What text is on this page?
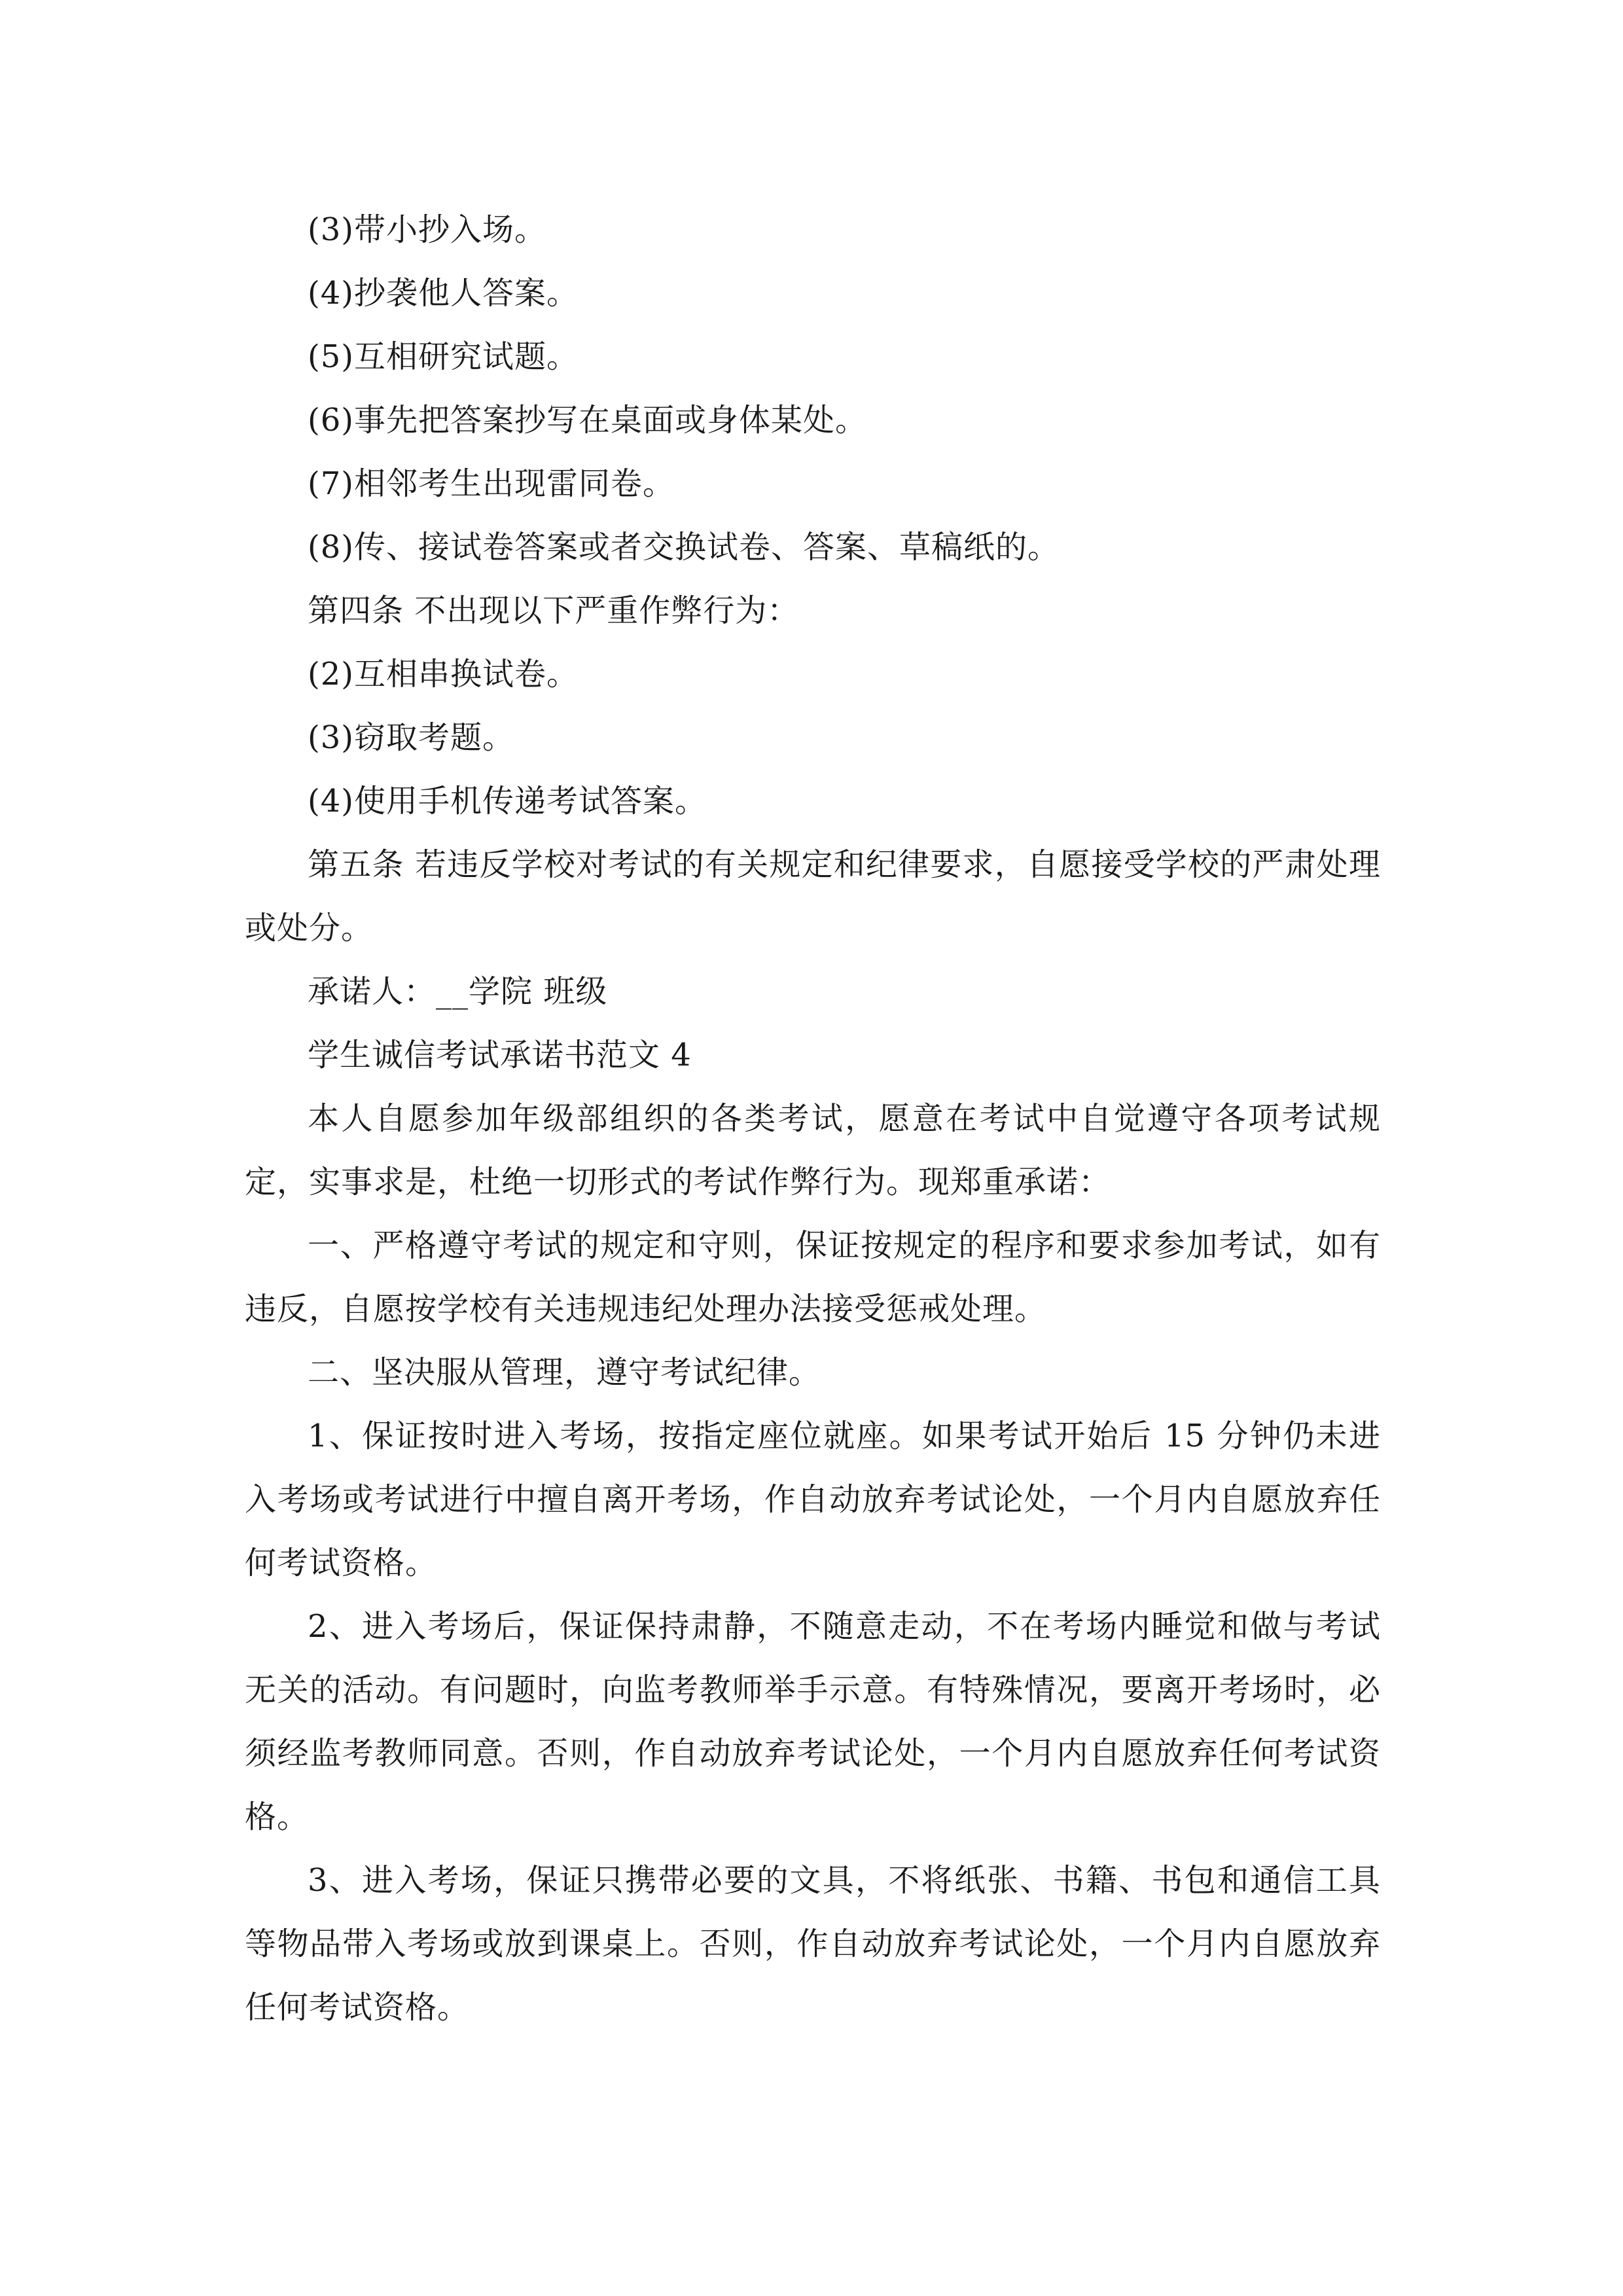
(3)带小抄入场。

(4)抄袭他人答案。

(5)互相研究试题。

(6)事先把答案抄写在桌面或身体某处。

(7)相邻考生出现雷同卷。

(8)传、接试卷答案或者交换试卷、答案、草稿纸的。

第四条 不出现以下严重作弊行为：

(2)互相串换试卷。

(3)窃取考题。

(4)使用手机传递考试答案。

第五条 若违反学校对考试的有关规定和纪律要求，自愿接受学校的严肃处理或处分。

承诺人：__学院 班级

学生诚信考试承诺书范文 4

本人自愿参加年级部组织的各类考试，愿意在考试中自觉遵守各项考试规定，实事求是，杜绝一切形式的考试作弊行为。现郑重承诺：

一、严格遵守考试的规定和守则，保证按规定的程序和要求参加考试，如有违反，自愿按学校有关违规违纪处理办法接受惩戒处理。

二、坚决服从管理，遵守考试纪律。

1、保证按时进入考场，按指定座位就座。如果考试开始后 15 分钟仍未进入考场或考试进行中擅自离开考场，作自动放弃考试论处，一个月内自愿放弃任何考试资格。

2、进入考场后，保证保持肃静，不随意走动，不在考场内睡觉和做与考试无关的活动。有问题时，向监考教师举手示意。有特殊情况，要离开考场时，必须经监考教师同意。否则，作自动放弃考试论处，一个月内自愿放弃任何考试资格。

3、进入考场，保证只携带必要的文具，不将纸张、书籍、书包和通信工具等物品带入考场或放到课桌上。否则，作自动放弃考试论处，一个月内自愿放弃任何考试资格。
